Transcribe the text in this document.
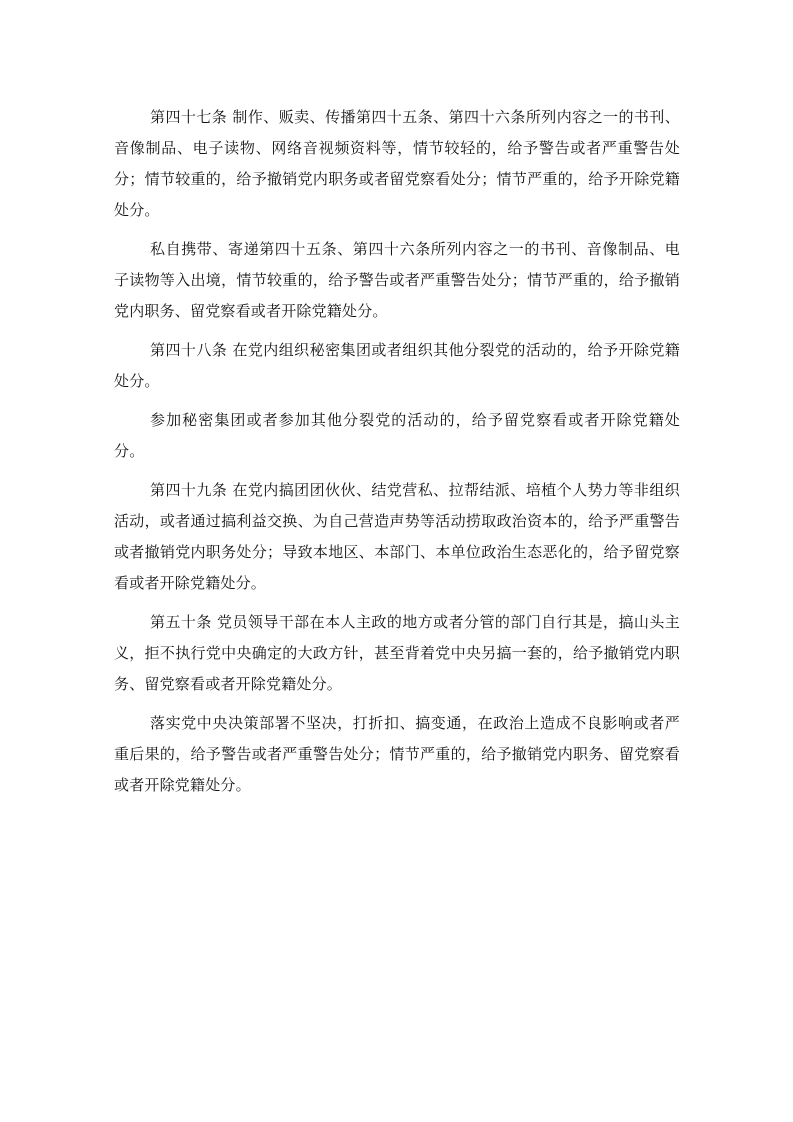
第四十七条 制作、贩卖、传播第四十五条、第四十六条所列内容之一的书刊、音像制品、电子读物、网络音视频资料等，情节较轻的，给予警告或者严重警告处分；情节较重的，给予撤销党内职务或者留党察看处分；情节严重的，给予开除党籍处分。

私自携带、寄递第四十五条、第四十六条所列内容之一的书刊、音像制品、电子读物等入出境，情节较重的，给予警告或者严重警告处分；情节严重的，给予撤销党内职务、留党察看或者开除党籍处分。

第四十八条 在党内组织秘密集团或者组织其他分裂党的活动的，给予开除党籍处分。

参加秘密集团或者参加其他分裂党的活动的，给予留党察看或者开除党籍处分。

第四十九条 在党内搞团团伙伙、结党营私、拉帮结派、培植个人势力等非组织活动，或者通过搞利益交换、为自己营造声势等活动捞取政治资本的，给予严重警告或者撤销党内职务处分；导致本地区、本部门、本单位政治生态恶化的，给予留党察看或者开除党籍处分。

第五十条 党员领导干部在本人主政的地方或者分管的部门自行其是，搞山头主义，拒不执行党中央确定的大政方针，甚至背着党中央另搞一套的，给予撤销党内职务、留党察看或者开除党籍处分。

落实党中央决策部署不坚决，打折扣、搞变通，在政治上造成不良影响或者严重后果的，给予警告或者严重警告处分；情节严重的，给予撤销党内职务、留党察看或者开除党籍处分。
